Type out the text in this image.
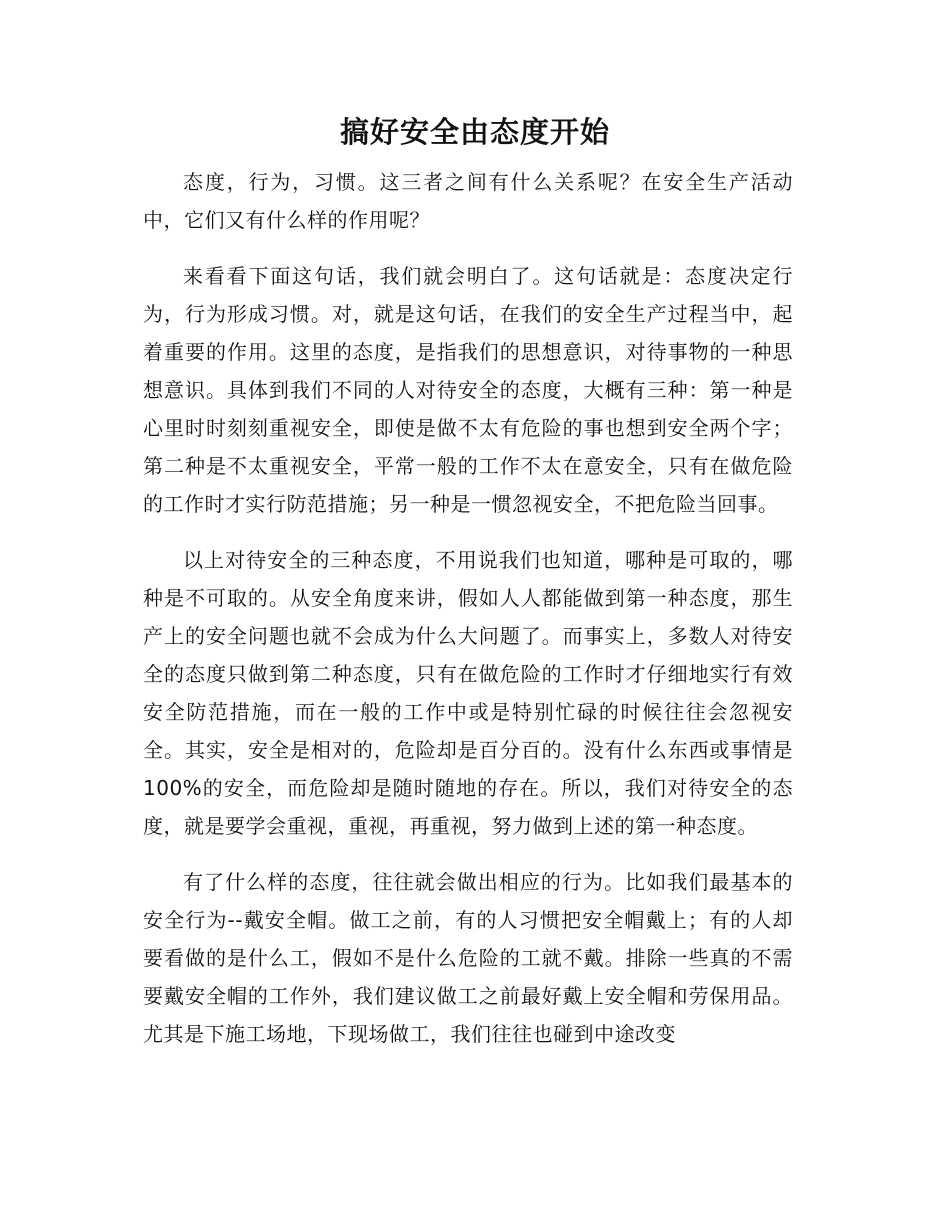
搞好安全由态度开始

态度，行为，习惯。这三者之间有什么关系呢？在安全生产活动中，它们又有什么样的作用呢？

来看看下面这句话，我们就会明白了。这句话就是：态度决定行为，行为形成习惯。对，就是这句话，在我们的安全生产过程当中，起着重要的作用。这里的态度，是指我们的思想意识，对待事物的一种思想意识。具体到我们不同的人对待安全的态度，大概有三种：第一种是心里时时刻刻重视安全，即使是做不太有危险的事也想到安全两个字；第二种是不太重视安全，平常一般的工作不太在意安全，只有在做危险的工作时才实行防范措施；另一种是一惯忽视安全，不把危险当回事。

以上对待安全的三种态度，不用说我们也知道，哪种是可取的，哪种是不可取的。从安全角度来讲，假如人人都能做到第一种态度，那生产上的安全问题也就不会成为什么大问题了。而事实上，多数人对待安全的态度只做到第二种态度，只有在做危险的工作时才仔细地实行有效安全防范措施，而在一般的工作中或是特别忙碌的时候往往会忽视安全。其实，安全是相对的，危险却是百分百的。没有什么东西或事情是100%的安全，而危险却是随时随地的存在。所以，我们对待安全的态度，就是要学会重视，重视，再重视，努力做到上述的第一种态度。

有了什么样的态度，往往就会做出相应的行为。比如我们最基本的安全行为--戴安全帽。做工之前，有的人习惯把安全帽戴上；有的人却要看做的是什么工，假如不是什么危险的工就不戴。排除一些真的不需要戴安全帽的工作外，我们建议做工之前最好戴上安全帽和劳保用品。尤其是下施工场地，下现场做工，我们往往也碰到中途改变
